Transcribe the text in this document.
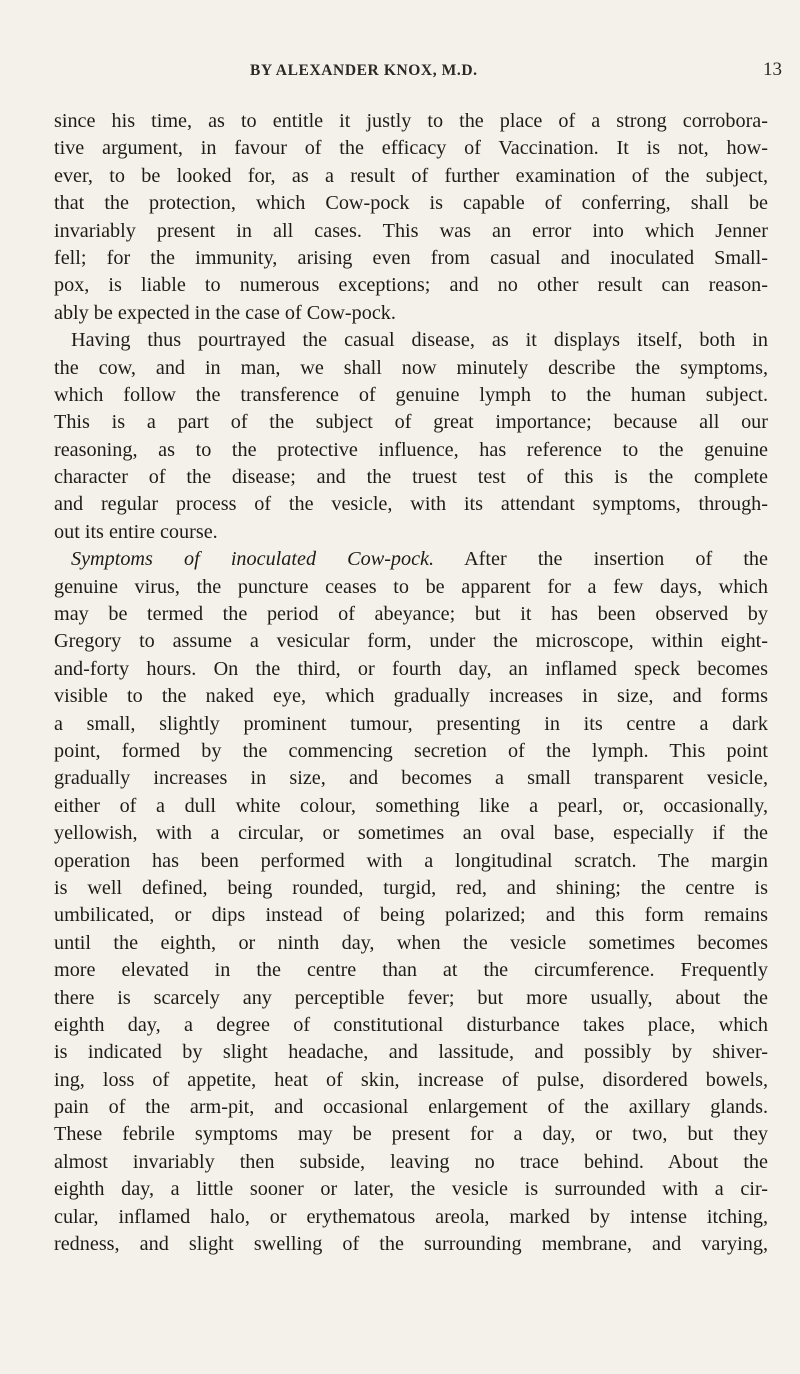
BY ALEXANDER KNOX, M.D.	13
since his time, as to entitle it justly to the place of a strong corrobora-
tive argument, in favour of the efficacy of Vaccination. It is not, how-
ever, to be looked for, as a result of further examination of the subject,
that the protection, which Cow-pock is capable of conferring, shall be
invariably present in all cases. This was an error into which Jenner
fell; for the immunity, arising even from casual and inoculated Small-
pox, is liable to numerous exceptions; and no other result can reason-
ably be expected in the case of Cow-pock.
Having thus pourtrayed the casual disease, as it displays itself, both in
the cow, and in man, we shall now minutely describe the symptoms,
which follow the transference of genuine lymph to the human subject.
This is a part of the subject of great importance; because all our
reasoning, as to the protective influence, has reference to the genuine
character of the disease; and the truest test of this is the complete
and regular process of the vesicle, with its attendant symptoms, through-
out its entire course.
Symptoms of inoculated Cow-pock. After the insertion of the
genuine virus, the puncture ceases to be apparent for a few days, which
may be termed the period of abeyance; but it has been observed by
Gregory to assume a vesicular form, under the microscope, within eight-
and-forty hours. On the third, or fourth day, an inflamed speck becomes
visible to the naked eye, which gradually increases in size, and forms
a small, slightly prominent tumour, presenting in its centre a dark
point, formed by the commencing secretion of the lymph. This point
gradually increases in size, and becomes a small transparent vesicle,
either of a dull white colour, something like a pearl, or, occasionally,
yellowish, with a circular, or sometimes an oval base, especially if the
operation has been performed with a longitudinal scratch. The margin
is well defined, being rounded, turgid, red, and shining; the centre is
umbilicated, or dips instead of being polarized; and this form remains
until the eighth, or ninth day, when the vesicle sometimes becomes
more elevated in the centre than at the circumference. Frequently
there is scarcely any perceptible fever; but more usually, about the
eighth day, a degree of constitutional disturbance takes place, which
is indicated by slight headache, and lassitude, and possibly by shiver-
ing, loss of appetite, heat of skin, increase of pulse, disordered bowels,
pain of the arm-pit, and occasional enlargement of the axillary glands.
These febrile symptoms may be present for a day, or two, but they
almost invariably then subside, leaving no trace behind. About the
eighth day, a little sooner or later, the vesicle is surrounded with a cir-
cular, inflamed halo, or erythematous areola, marked by intense itching,
redness, and slight swelling of the surrounding membrane, and varying,
